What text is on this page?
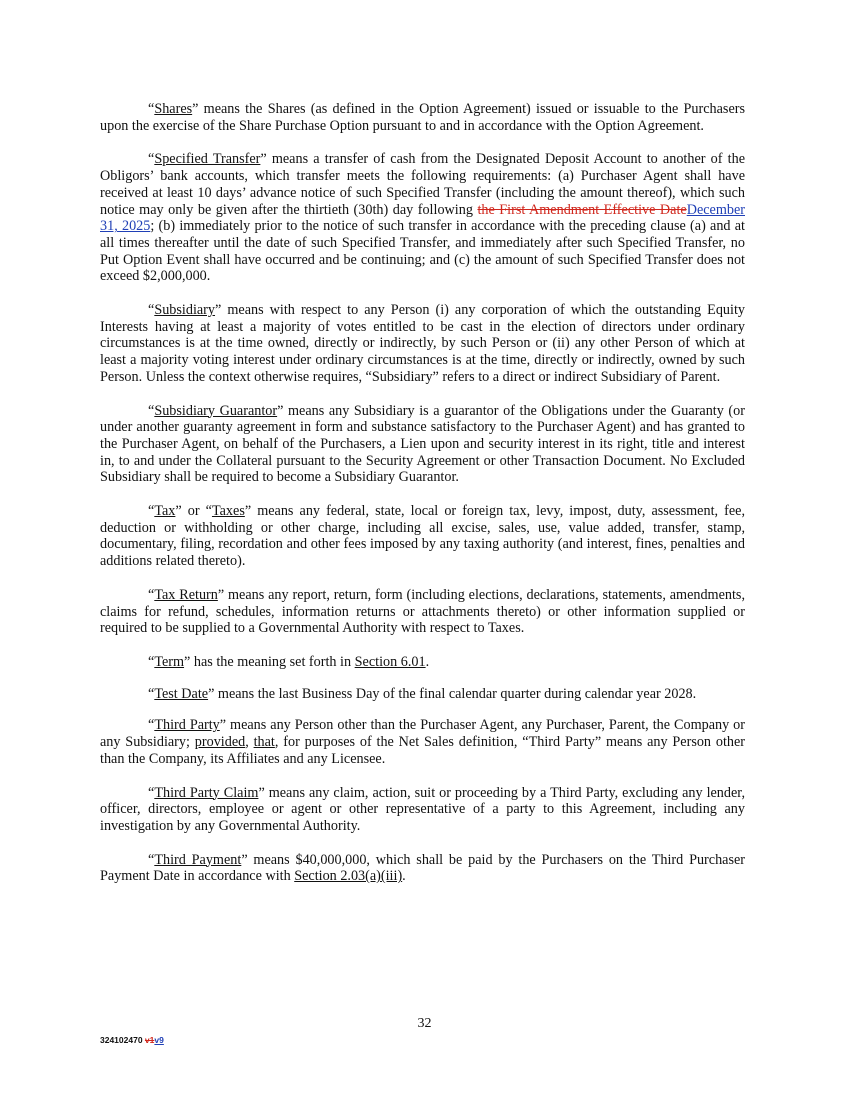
“Shares” means the Shares (as defined in the Option Agreement) issued or issuable to the Purchasers upon the exercise of the Share Purchase Option pursuant to and in accordance with the Option Agreement.

“Specified Transfer” means a transfer of cash from the Designated Deposit Account to another of the Obligors’ bank accounts, which transfer meets the following requirements: (a) Purchaser Agent shall have received at least 10 days’ advance notice of such Specified Transfer (including the amount thereof), which such notice may only be given after the thirtieth (30th) day following the First Amendment Effective DateDecember 31, 2025; (b) immediately prior to the notice of such transfer in accordance with the preceding clause (a) and at all times thereafter until the date of such Specified Transfer, and immediately after such Specified Transfer, no Put Option Event shall have occurred and be continuing; and (c) the amount of such Specified Transfer does not exceed $2,000,000.

“Subsidiary” means with respect to any Person (i) any corporation of which the outstanding Equity Interests having at least a majority of votes entitled to be cast in the election of directors under ordinary circumstances is at the time owned, directly or indirectly, by such Person or (ii) any other Person of which at least a majority voting interest under ordinary circumstances is at the time, directly or indirectly, owned by such Person. Unless the context otherwise requires, “Subsidiary” refers to a direct or indirect Subsidiary of Parent.

“Subsidiary Guarantor” means any Subsidiary is a guarantor of the Obligations under the Guaranty (or under another guaranty agreement in form and substance satisfactory to the Purchaser Agent) and has granted to the Purchaser Agent, on behalf of the Purchasers, a Lien upon and security interest in its right, title and interest in, to and under the Collateral pursuant to the Security Agreement or other Transaction Document. No Excluded Subsidiary shall be required to become a Subsidiary Guarantor.

“Tax” or “Taxes” means any federal, state, local or foreign tax, levy, impost, duty, assessment, fee, deduction or withholding or other charge, including all excise, sales, use, value added, transfer, stamp, documentary, filing, recordation and other fees imposed by any taxing authority (and interest, fines, penalties and additions related thereto).

“Tax Return” means any report, return, form (including elections, declarations, statements, amendments, claims for refund, schedules, information returns or attachments thereto) or other information supplied or required to be supplied to a Governmental Authority with respect to Taxes.

“Term” has the meaning set forth in Section 6.01.

“Test Date” means the last Business Day of the final calendar quarter during calendar year 2028.

“Third Party” means any Person other than the Purchaser Agent, any Purchaser, Parent, the Company or any Subsidiary; provided, that, for purposes of the Net Sales definition, “Third Party” means any Person other than the Company, its Affiliates and any Licensee.

“Third Party Claim” means any claim, action, suit or proceeding by a Third Party, excluding any lender, officer, directors, employee or agent or other representative of a party to this Agreement, including any investigation by any Governmental Authority.

“Third Payment” means $40,000,000, which shall be paid by the Purchasers on the Third Purchaser Payment Date in accordance with Section 2.03(a)(iii).

32
324102470 v1v9
